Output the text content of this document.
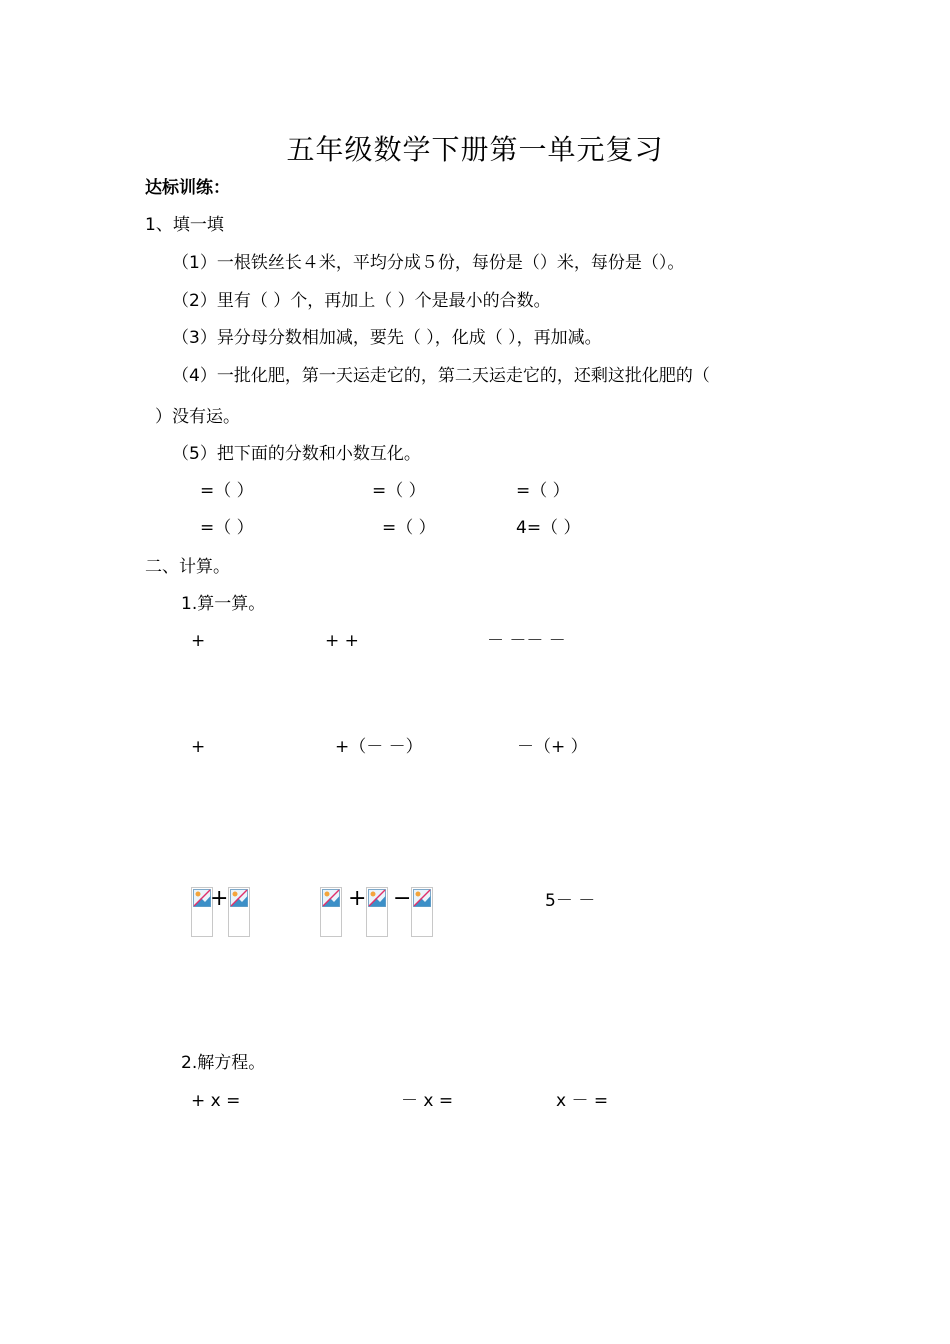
五年级数学下册第一单元复习
达标训练：
1、填一填
（1）一根铁丝长４米，平均分成５份，每份是（）米，每份是（）。
（2）里有（ ）个，再加上（ ）个是最小的合数。
（3）异分母分数相加减，要先（ ），化成（ ），再加减。
（4）一批化肥，第一天运走它的，第二天运走它的，还剩这批化肥的（
）没有运。
（5）把下面的分数和小数互化。
=（ ）	=（ ）	=（ ）
=（ ）	=（ ）	4=（ ）
二、计算。
1.算一算。
+	+ +	－ －－ －
+	+（－ －）	－（+ ）
+	+ −	5－ －
2.解方程。
+ x =	－ x =	x － =
